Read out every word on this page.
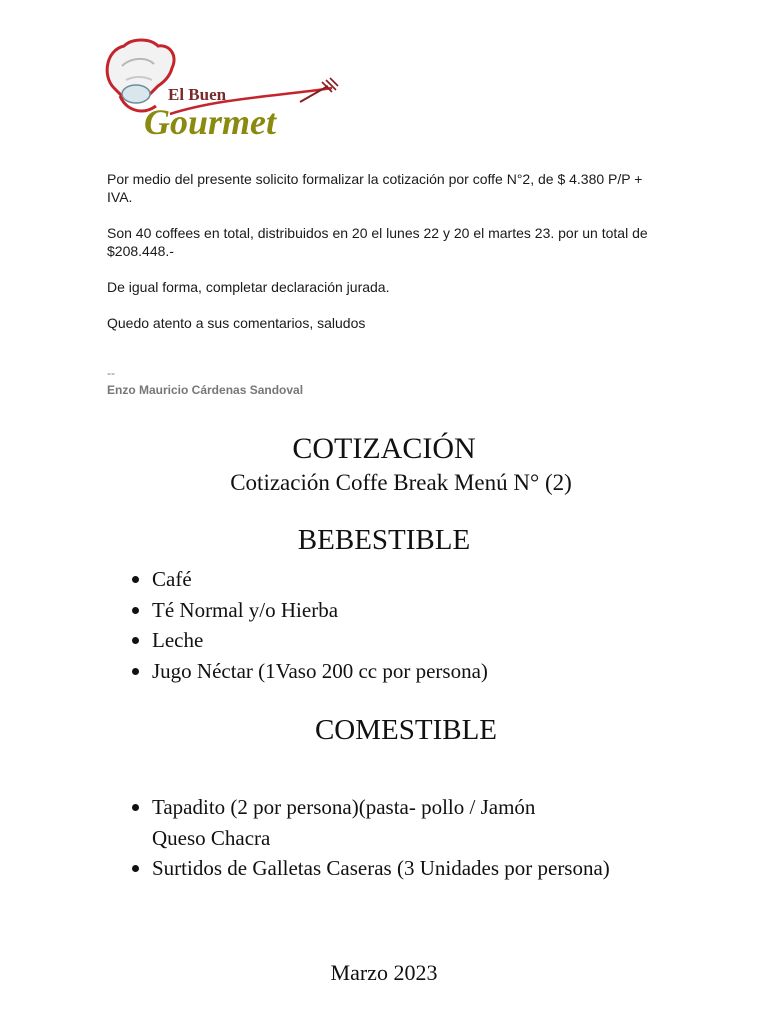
El Buen
Gourmet

Por medio del presente solicito formalizar la cotización por coffe N°2, de $ 4.380 P/P + IVA.

Son 40 coffees en total, distribuidos en 20 el lunes 22 y 20 el martes 23. por un total de $208.448.-

De igual forma, completar declaración jurada.

Quedo atento a sus comentarios, saludos

--
Enzo Mauricio Cárdenas Sandoval
COTIZACIÓN
Cotización Coffe Break Menú N° (2)
BEBESTIBLE
Café
Té Normal y/o Hierba
Leche
Jugo Néctar (1Vaso 200 cc por persona)
COMESTIBLE
Tapadito (2 por persona)(pasta- pollo / Jamón
Queso Chacra
Surtidos de Galletas Caseras (3 Unidades por persona)
Marzo 2023
